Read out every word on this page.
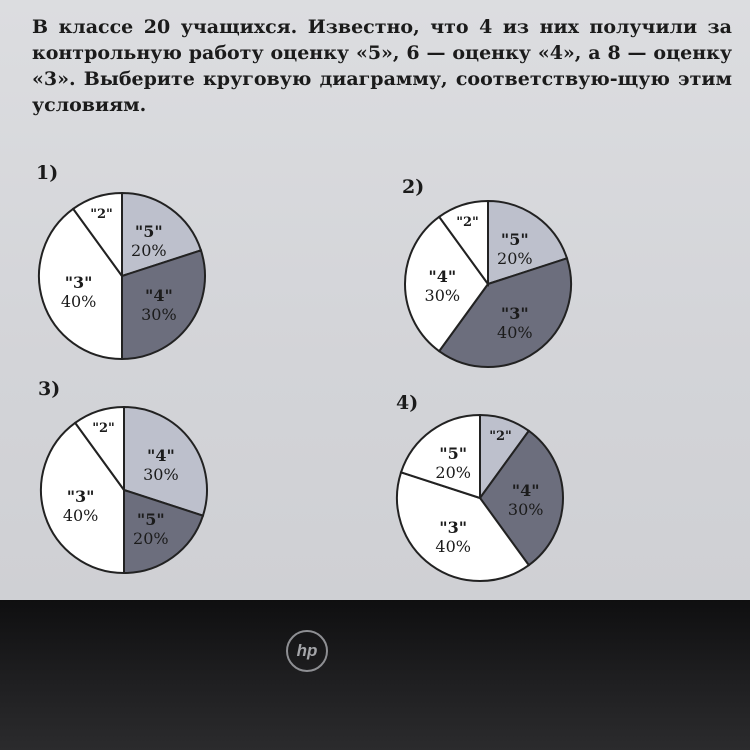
В классе 20 учащихся. Известно, что 4 из них получили за контрольную работу оценку «5», 6 — оценку «4», а 8 — оценку «3». Выберите круговую диаграмму, соответствую-щую этим условиям.

1)
2)
3)
4)
"5"
20%
"4"
30%
"3"
40%
"2"
"5"
20%
"3"
40%
"4"
30%
"2"
"4"
30%
"5"
20%
"3"
40%
"2"
"2"
"4"
30%
"3"
40%
"5"
20%
hp
